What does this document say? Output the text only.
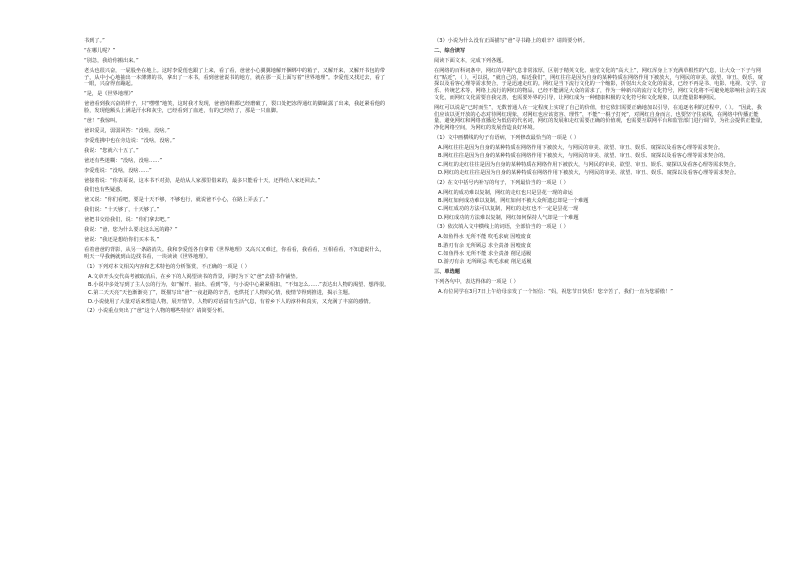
书到了。”

“在哪儿呢？”

“别急，我给你搬出来。”

老头也很兴奋，一屁股坐在地上。这时李爱莲也跟了上来，看了看，爸爸小心翼翼地解开捆绑中的箱子，又解开来，又解开书包的带子，从中小心地抽出一本薄薄的书，拿出了一本书，看到爸爸说书的地方，就在那一页上面写着“世界地理”。李爱莲又找过去，看了一眼，兴奋得直蹦起。

“是，是《世界地理》”

爸爸看到我兴奋的样子，只“嘿嘿”地笑，这时我才发现，爸爸的鞋都已经磨破了，裂口处把冻得通红的脚趾露了出来，我赶紧看他的脸，发现他额头上满是汗水和灰尘，已经看到了血迹，有的已经结了，那是一只血脚。

“爸！”我惊叫。

爸识爱灵，弱弱回答：“没啥，没啥。”

李爱莲拂中也在旁边说：“没啥，没啥。”

我说：“您就六十五了。”

爸还有些迷糊：“没啥，没啥……”

李爱莲说：“没啥，没啥……”

爸接着说：“你表哥说，这本书不对劲，是给从人家那里借来的，最多只能看十天，还得给人家还回去。”

我们也有些疑惑。

爸又说：“你们看吧，要是十天不够，不够也行，就说爸不小心，在路上弄丢了。”

我们说：“十天够了，十天够了。”

爸把书交给我们，说：“你们拿去吧。”

我说：“爸，您为什么要走这么远的路？”

爸说：“我还是想给你们买本书。”

看着爸爸的背影，从另一条路消失。我和李爱莲各自拿着《世界地理》又高兴又难过，你看看，我看看，互相看看，不知道说什么，明天一早我俩就到山边找书看，一块读读《世界地理》。

（1）下列对本文相关内容和艺术特色的分析鉴赏，不正确的一项是（ ）

A.文章开头交代高考被取消后，在乡下的人渴望读书的背景，同时为下文“爸”去借书作铺垫。

B.小说中多处写到了主人公的行为，如“解开、抽出、看到”等，与小说中心紧紧相扣，“不知怎么……”表达出人物的渴望、想得很。

C.第二天天亮“天色渐渐亮了”，既描写出“爸”一夜赶路的辛苦，也烘托了人物的心情，使情节得到推进，揭示主题。

D.小说使用了大量对话来塑造人物，展开情节，人物的对话富有生活气息，有着乡下人的淳朴和真实，又充满了丰富的感情。

（2）小说重点突出了“爸”这个人物的哪些特征？请简要分析。

（3）小说为什么没有正面描写“爸”寻书路上的艰辛？请简要分析。

二、综合读写

阅读下面文本，完成下列各题。

在网络的百科词条中，网红的早期气息非常浓厚，区别于精英文化、庙堂文化的“高大上”，网红浑身上下充满草根性的气息，让大众一下子与网红“贴近”，（ ），可以说，“就自己的，贴近我们”，网红往往是因为自身的某种特质在网络作用下被放大，与网民的审美、欲望、审丑、娱乐、窥探以及看客心理等需求契合，于是迅速走红的。网红是当下流行文化的一个缩影，折射出大众文化的需求，已经不再是书、电影、电视、文学、音乐、传统艺术等，网络上流行的网红的物品，已经不能满足大众的需求了，作为一种新兴的流行文化符号，网红文化将不可避免地影响社会的主流文化，而网红文化需要自我完善，也需要外界的引导，让网红成为一种健康积极的文化符号和文化现象，以正能量影响网民。

网红可以说是“已时而生”，无数普通人在一定程度上实现了自己的价值，但它依旧需要正确地加以引导，在追逐名利的过程中，（ ）。 “因此，我们应该以更开放的心态对待网红现象，对网红也应该宽容、理性”，不能“一棍子打死”，对网红自身而言，也要坚守住底线，在网络中传播正能量，避免网红和网络直播沦为低俗的代名词，网红的发展和走红需要正确的价值观，也需要互联网平台和监管部门进行调节，为社会提供正能量，净化网络空间，为网红的发展营造良好环境。

（1）文中画横线的句子有语病，下列修改最恰当的一项是（ ）

A.网红往往是因为自身的某种特质在网络作用下被放大，与网民的审美、欲望、审丑、娱乐、窥探以及看客心理等需求契合。

B.网红往往是因为自身的某种特质在网络作用下被放大，与网民的审美、欲望、审丑、娱乐、窥探以及看客心理等需求契合的。

C.网红的走红往往是因为自身的某种特质在网络作用下被放大，与网民的审美、欲望、审丑、娱乐、窥探以及看客心理等需求契合。

D.网红的走红往往是因为自身的某种特质在网络作用下被放大，与网民的审美、欲望、审丑、娱乐、窥探以及看客心理等需求契合。

（2）在文中括号内补写的句子，下列最恰当的一项是（ ）

A.网红的成功难以复制，网红的走红也只是昙花一现的命运

B.网红如何成功难以复制，网红如何不被大众所遗忘却是一个难题

C.网红成功的方法可以复制，网红的走红也不一定是昙花一现

D.网红成功的方法难以复制，网红如何保持人气却是一个难题

（3）依次填入文中横线上的词语，全部恰当的一项是（ ）

A.如鱼得水 无所不能 吹毛求疵 因噎废食

B.游刃有余 无所顾忌 求全责备 因噎废食

C.如鱼得水 无所不能 求全责备 削足适履

D.游刃有余 无所顾忌 吹毛求疵 削足适履

三、单选题

下列各句中，表达得体的一项是（ ）

A.有位同学在3月7日上午给母亲发了一个短信：“妈，祝您节日快乐！您辛苦了，我们一直为您骄傲！”
